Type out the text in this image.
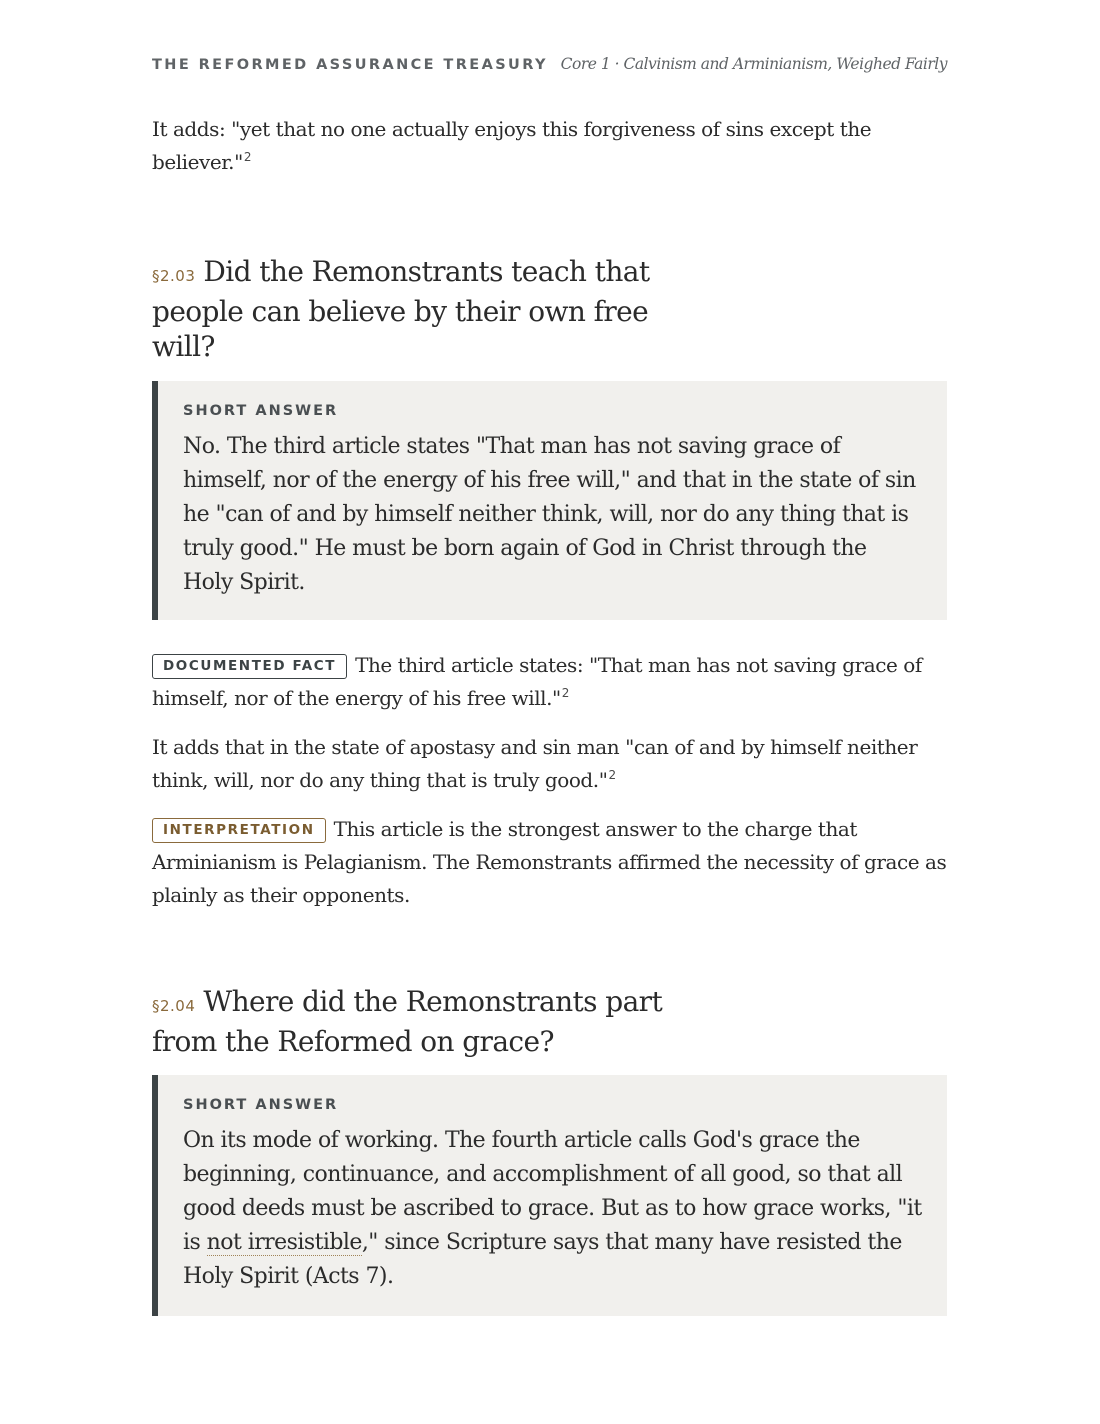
THE REFORMED ASSURANCE TREASURY Core 1 · Calvinism and Arminianism, Weighed Fairly

It adds: "yet that no one actually enjoys this forgiveness of sins except the believer."$^2$

§2.03 Did the Remonstrants teach that people can believe by their own free will?
SHORT ANSWER

No. The third article states "That man has not saving grace of himself, nor of the energy of his free will," and that in the state of sin he "can of and by himself neither think, will, nor do any thing that is truly good." He must be born again of God in Christ through the Holy Spirit.

DOCUMENTED FACT The third article states: "That man has not saving grace of himself, nor of the energy of his free will."$^2$

It adds that in the state of apostasy and sin man "can of and by himself neither think, will, nor do any thing that is truly good."$^2$

INTERPRETATION This article is the strongest answer to the charge that Arminianism is Pelagianism. The Remonstrants affirmed the necessity of grace as plainly as their opponents.

§2.04 Where did the Remonstrants part from the Reformed on grace?
SHORT ANSWER

On its mode of working. The fourth article calls God's grace the beginning, continuance, and accomplishment of all good, so that all good deeds must be ascribed to grace. But as to how grace works, "it is not irresistible," since Scripture says that many have resisted the Holy Spirit (Acts 7).
